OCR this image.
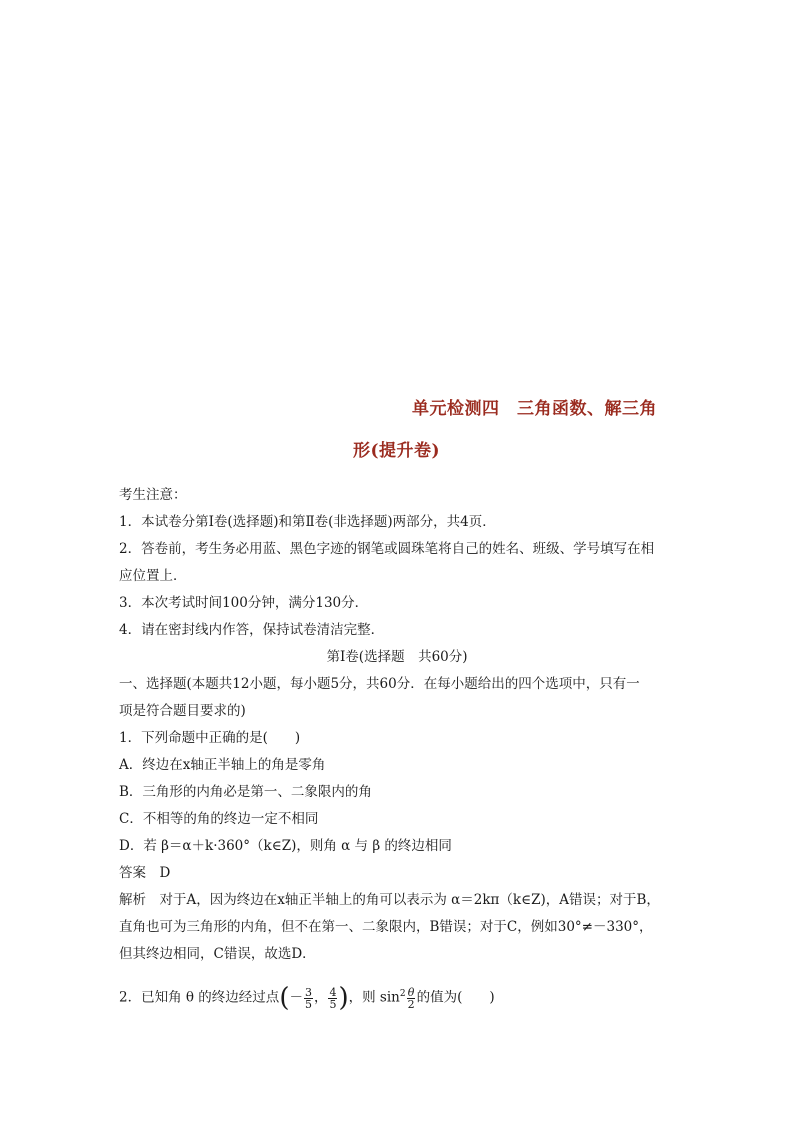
单元检测四　三角函数、解三角
形(提升卷)
考生注意：
1．本试卷分第Ⅰ卷(选择题)和第Ⅱ卷(非选择题)两部分，共4页．
2．答卷前，考生务必用蓝、黑色字迹的钢笔或圆珠笔将自己的姓名、班级、学号填写在相
应位置上．
3．本次考试时间100分钟，满分130分．
4．请在密封线内作答，保持试卷清洁完整．
第Ⅰ卷(选择题　共60分)
一、选择题(本题共12小题，每小题5分，共60分．在每小题给出的四个选项中，只有一
项是符合题目要求的)
1．下列命题中正确的是(　　)
A．终边在x轴正半轴上的角是零角
B．三角形的内角必是第一、二象限内的角
C．不相等的角的终边一定不相同
D．若 β＝α＋k·360°（k∈Z)，则角 α 与 β 的终边相同
答案　D
解析　对于A，因为终边在x轴正半轴上的角可以表示为 α＝2kπ（k∈Z)，A错误；对于B，
直角也可为三角形的内角，但不在第一、二象限内，B错误；对于C，例如30°≠－330°，
但其终边相同，C错误，故选D．
2．已知角 θ 的终边经过点(－ $\frac{3}{5}$ ， $\frac{4}{5}$ )，则 $\sin^2 \frac{\theta}{2}$ 的值为(　　)
